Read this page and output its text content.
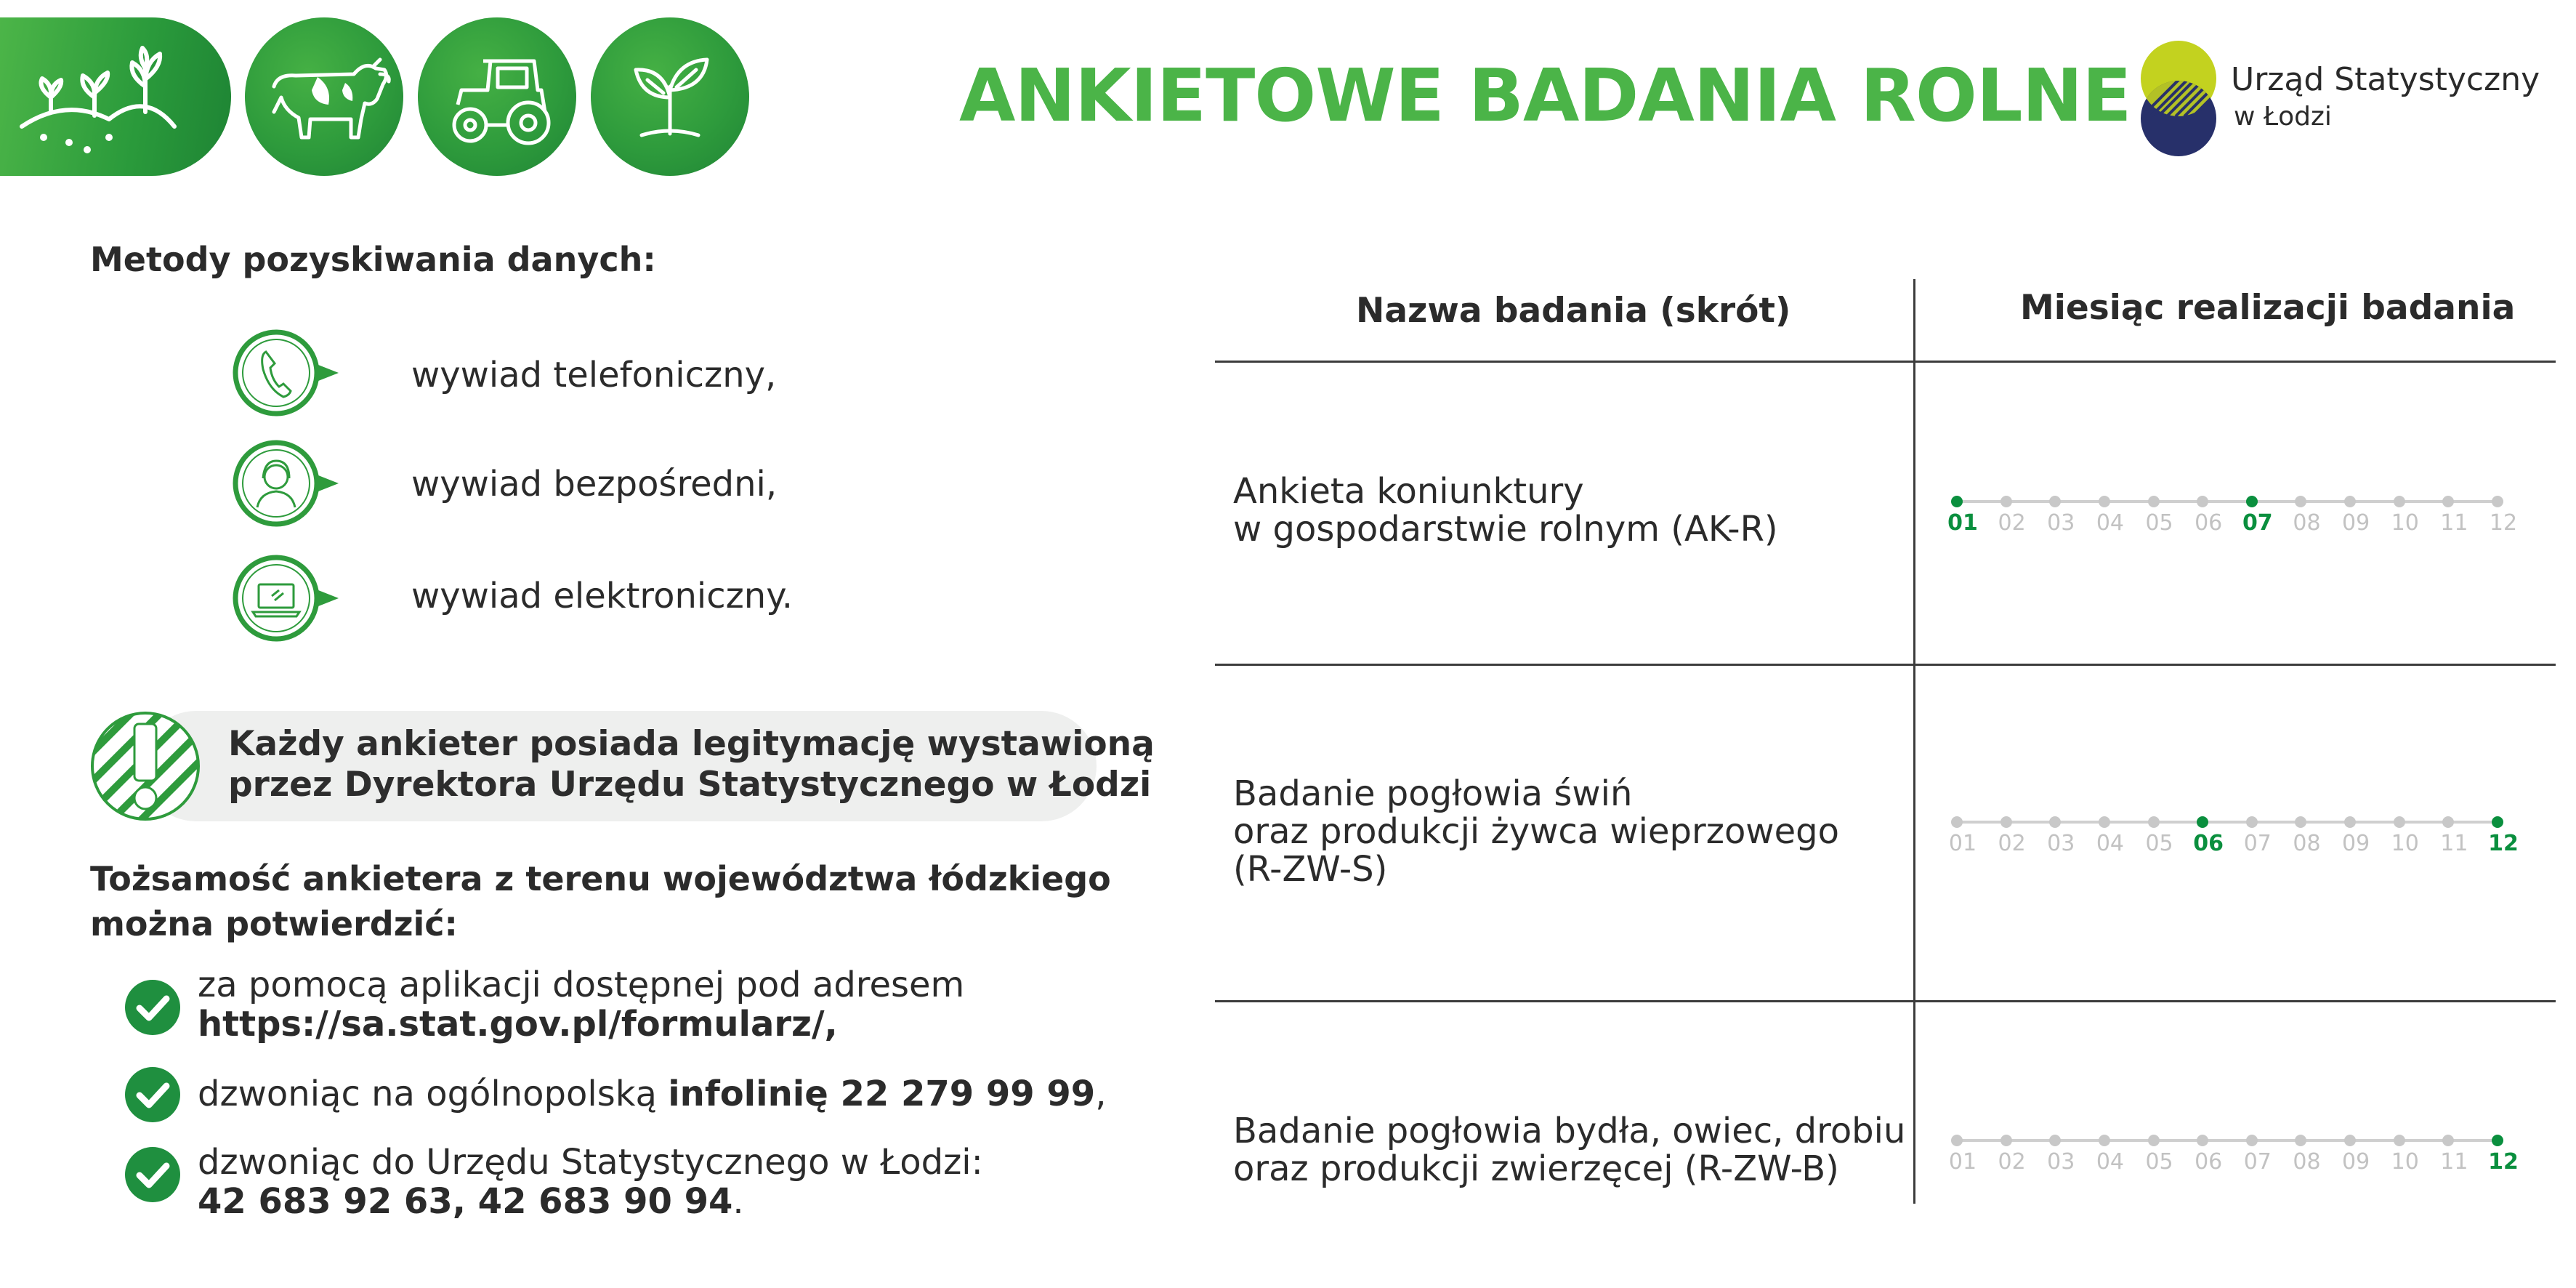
ANKIETOWE BADANIA ROLNE	Urząd Statystyczny
w Łodzi
Metody pozyskiwania danych:
wywiad telefoniczny,
wywiad bezpośredni,
wywiad elektroniczny.
Każdy ankieter posiada legitymację wystawioną
przez Dyrektora Urzędu Statystycznego w Łodzi
Tożsamość ankietera z terenu województwa łódzkiego
można potwierdzić:
za pomocą aplikacji dostępnej pod adresem
https://sa.stat.gov.pl/formularz/,
dzwoniąc na ogólnopolską infolinię 22 279 99 99,
dzwoniąc do Urzędu Statystycznego w Łodzi:
42 683 92 63, 42 683 90 94.
Nazwa badania (skrót)	Miesiąc realizacji badania
Ankieta koniunktury
w gospodarstwie rolnym (AK-R)	01 02 03 04 05 06 07 08 09 10 11 12
Badanie pogłowia świń
oraz produkcji żywca wieprzowego
(R-ZW-S)
01 02 03 04 05 06 07 08 09 10 11 12
Badanie pogłowia bydła, owiec, drobiu
oraz produkcji zwierzęcej (R-ZW-B)	01 02 03 04 05 06 07 08 09 10 11 12
